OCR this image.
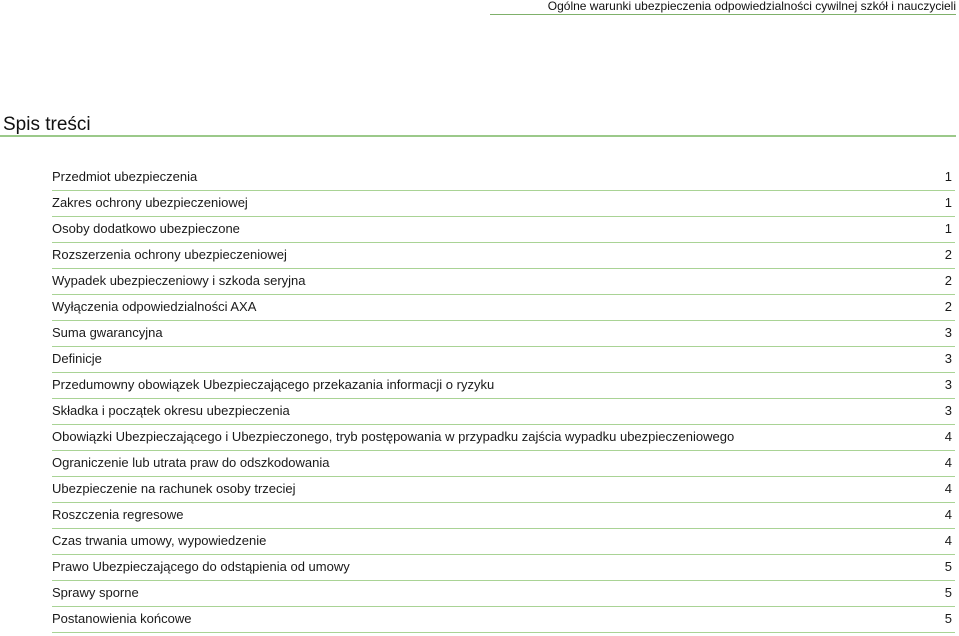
Ogólne warunki ubezpieczenia odpowiedzialności cywilnej szkół i nauczycieli
Spis treści
Przedmiot ubezpieczenia	1
Zakres ochrony ubezpieczeniowej	1
Osoby dodatkowo ubezpieczone	1
Rozszerzenia ochrony ubezpieczeniowej	2
Wypadek ubezpieczeniowy i szkoda seryjna	2
Wyłączenia odpowiedzialności AXA	2
Suma gwarancyjna	3
Definicje	3
Przedumowny obowiązek Ubezpieczającego przekazania informacji o ryzyku	3
Składka i początek okresu ubezpieczenia	3
Obowiązki Ubezpieczającego i Ubezpieczonego, tryb postępowania w przypadku zajścia wypadku ubezpieczeniowego	4
Ograniczenie lub utrata praw do odszkodowania	4
Ubezpieczenie na rachunek osoby trzeciej	4
Roszczenia regresowe	4
Czas trwania umowy, wypowiedzenie	4
Prawo Ubezpieczającego do odstąpienia od umowy	5
Sprawy sporne	5
Postanowienia końcowe	5
